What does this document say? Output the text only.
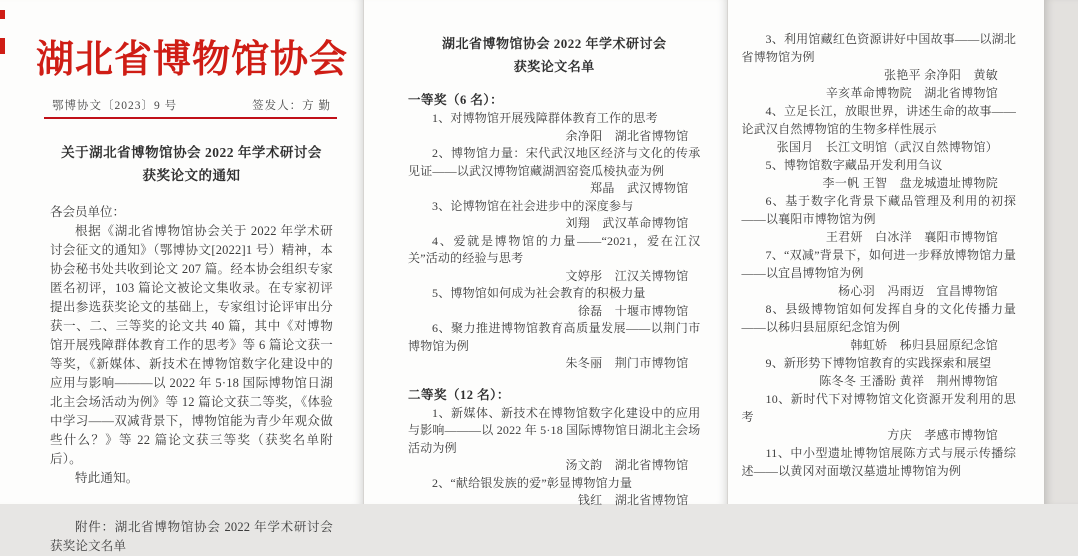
湖北省博物馆协会
鄂博协文〔2023〕9 号	签发人：方 勤
关于湖北省博物馆协会 2022 年学术研讨会
获奖论文的通知

各会员单位：

根据《湖北省博物馆协会关于 2022 年学术研讨会征文的通知》（鄂博协文[2022]1 号）精神，本协会秘书处共收到论文 207 篇。经本协会组织专家匿名初评，103 篇论文被论文集收录。在专家初评提出参选获奖论文的基础上，专家组讨论评审出分获一、二、三等奖的论文共 40 篇，其中《对博物馆开展残障群体教育工作的思考》等 6 篇论文获一等奖，《新媒体、新技术在博物馆数字化建设中的应用与影响———以 2022 年 5·18 国际博物馆日湖北主会场活动为例》等 12 篇论文获二等奖，《体验中学习——双减背景下，博物馆能为青少年观众做些什么？》等 22 篇论文获三等奖（获奖名单附后）。

特此通知。

附件：湖北省博物馆协会 2022 年学术研讨会获奖论文名单

湖北省博物馆协会 2022 年学术研讨会
获奖论文名单
一等奖（6 名）：
1、对博物馆开展残障群体教育工作的思考
余净阳　湖北省博物馆
2、博物馆力量：宋代武汉地区经济与文化的传承见证——以武汉博物馆藏湖泗窑瓷瓜棱执壶为例
郑晶　武汉博物馆
3、论博物馆在社会进步中的深度参与
刘翔　武汉革命博物馆
4、爱就是博物馆的力量——“2021，爱在江汉关”活动的经验与思考
文婷彤　江汉关博物馆
5、博物馆如何成为社会教育的积极力量
徐磊　十堰市博物馆
6、聚力推进博物馆教育高质量发展——以荆门市博物馆为例
朱冬丽　荆门市博物馆
二等奖（12 名）：
1、新媒体、新技术在博物馆数字化建设中的应用与影响———以 2022 年 5·18 国际博物馆日湖北主会场活动为例
汤文韵　湖北省博物馆
2、“献给银发族的爱”彰显博物馆力量
钱红　湖北省博物馆
3、利用馆藏红色资源讲好中国故事——以湖北省博物馆为例
张艳平 余净阳　黄敏
辛亥革命博物院　湖北省博物馆
4、立足长江，放眼世界，讲述生命的故事——论武汉自然博物馆的生物多样性展示
张国月　长江文明馆（武汉自然博物馆）
5、博物馆数字藏品开发利用刍议
李一帆 王智　盘龙城遗址博物院
6、基于数字化背景下藏品管理及利用的初探——以襄阳市博物馆为例
王君妍　白冰洋　襄阳市博物馆
7、“双减”背景下，如何进一步释放博物馆力量——以宜昌博物馆为例
杨心羽　冯雨迈　宜昌博物馆
8、县级博物馆如何发挥自身的文化传播力量——以秭归县屈原纪念馆为例
韩虹娇　秭归县屈原纪念馆
9、新形势下博物馆教育的实践探索和展望
陈冬冬 王潘盼 黄祥　荆州博物馆
10、新时代下对博物馆文化资源开发利用的思考
方庆　孝感市博物馆
11、中小型遗址博物馆展陈方式与展示传播综述——以黄冈对面墩汉墓遗址博物馆为例
